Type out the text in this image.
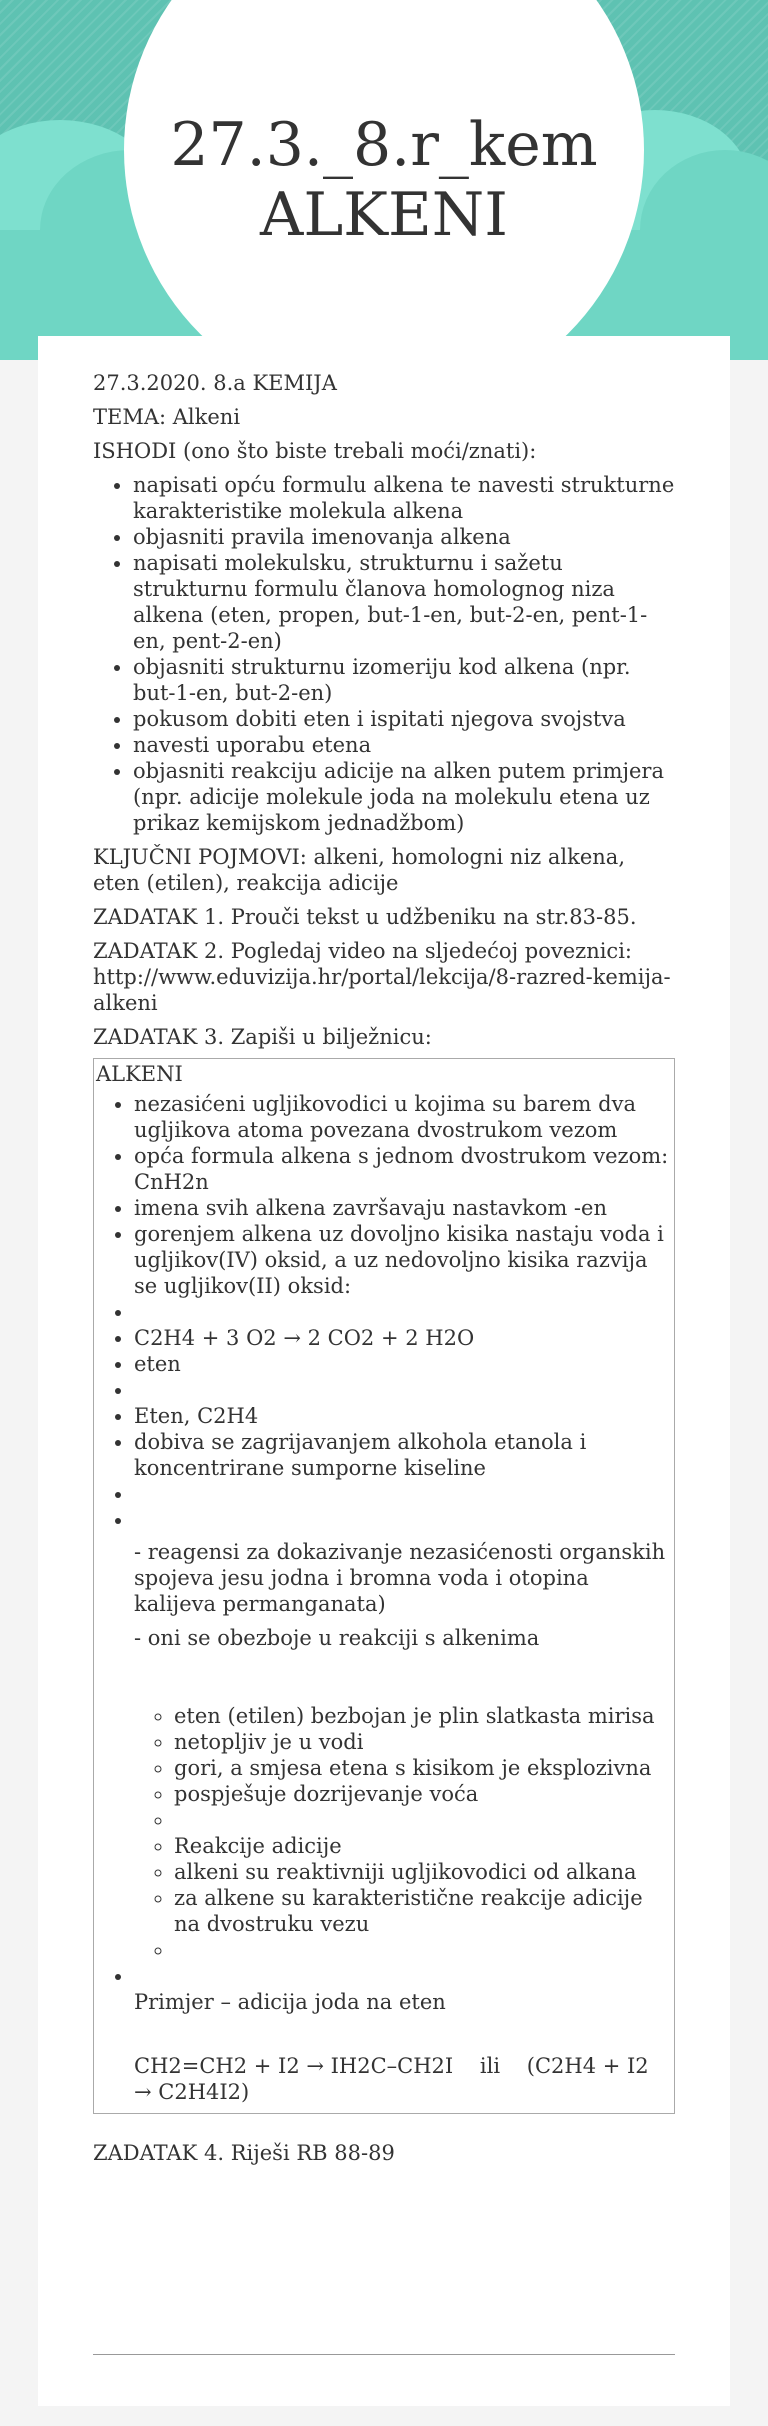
27.3._8.r_kem
ALKENI

27.3.2020. 8.a KEMIJA

TEMA: Alkeni

ISHODI (ono što biste trebali moći/znati):

• napisati opću formulu alkena te navesti strukturne karakteristike molekula alkena
• objasniti pravila imenovanja alkena
• napisati molekulsku, strukturnu i sažetu strukturnu formulu članova homolognog niza alkena (eten, propen, but-1-en, but-2-en, pent-1-en, pent-2-en)
• objasniti strukturnu izomeriju kod alkena (npr. but-1-en, but-2-en)
• pokusom dobiti eten i ispitati njegova svojstva
• navesti uporabu etena
• objasniti reakciju adicije na alken putem primjera (npr. adicije molekule joda na molekulu etena uz prikaz kemijskom jednadžbom)

KLJUČNI POJMOVI: alkeni, homologni niz alkena, eten (etilen), reakcija adicije

ZADATAK 1. Prouči tekst u udžbeniku na str.83-85.

ZADATAK 2. Pogledaj video na sljedećoj poveznici: http://www.eduvizija.hr/portal/lekcija/8-razred-kemija-alkeni

ZADATAK 3. Zapiši u bilježnicu:

ALKENI
• nezasićeni ugljikovodici u kojima su barem dva ugljikova atoma povezana dvostrukom vezom
• opća formula alkena s jednom dvostrukom vezom: CnH2n
• imena svih alkena završavaju nastavkom -en
• gorenjem alkena uz dovoljno kisika nastaju voda i ugljikov(IV) oksid, a uz nedovoljno kisika razvija se ugljikov(II) oksid:
•
• C2H4 + 3 O2 → 2 CO2 + 2 H2O
• eten
•
• Eten, C2H4
• dobiva se zagrijavanjem alkohola etanola i koncentrirane sumporne kiseline
•
•

- reagensi za dokazivanje nezasićenosti organskih spojeva jesu jodna i bromna voda i otopina kalijeva permanganata)

- oni se obezboje u reakciji s alkenima

◦ eten (etilen) bezbojan je plin slatkasta mirisa
◦ netopljiv je u vodi
◦ gori, a smjesa etena s kisikom je eksplozivna
◦ pospješuje dozrijevanje voća
◦
◦ Reakcije adicije
◦ alkeni su reaktivniji ugljikovodici od alkana
◦ za alkene su karakteristične reakcije adicije na dvostruku vezu
◦
•

Primjer – adicija joda na eten

CH2=CH2 + I2 → IH2C–CH2I    ili    (C2H4 + I2 → C2H4I2)

ZADATAK 4. Riješi RB 88-89
